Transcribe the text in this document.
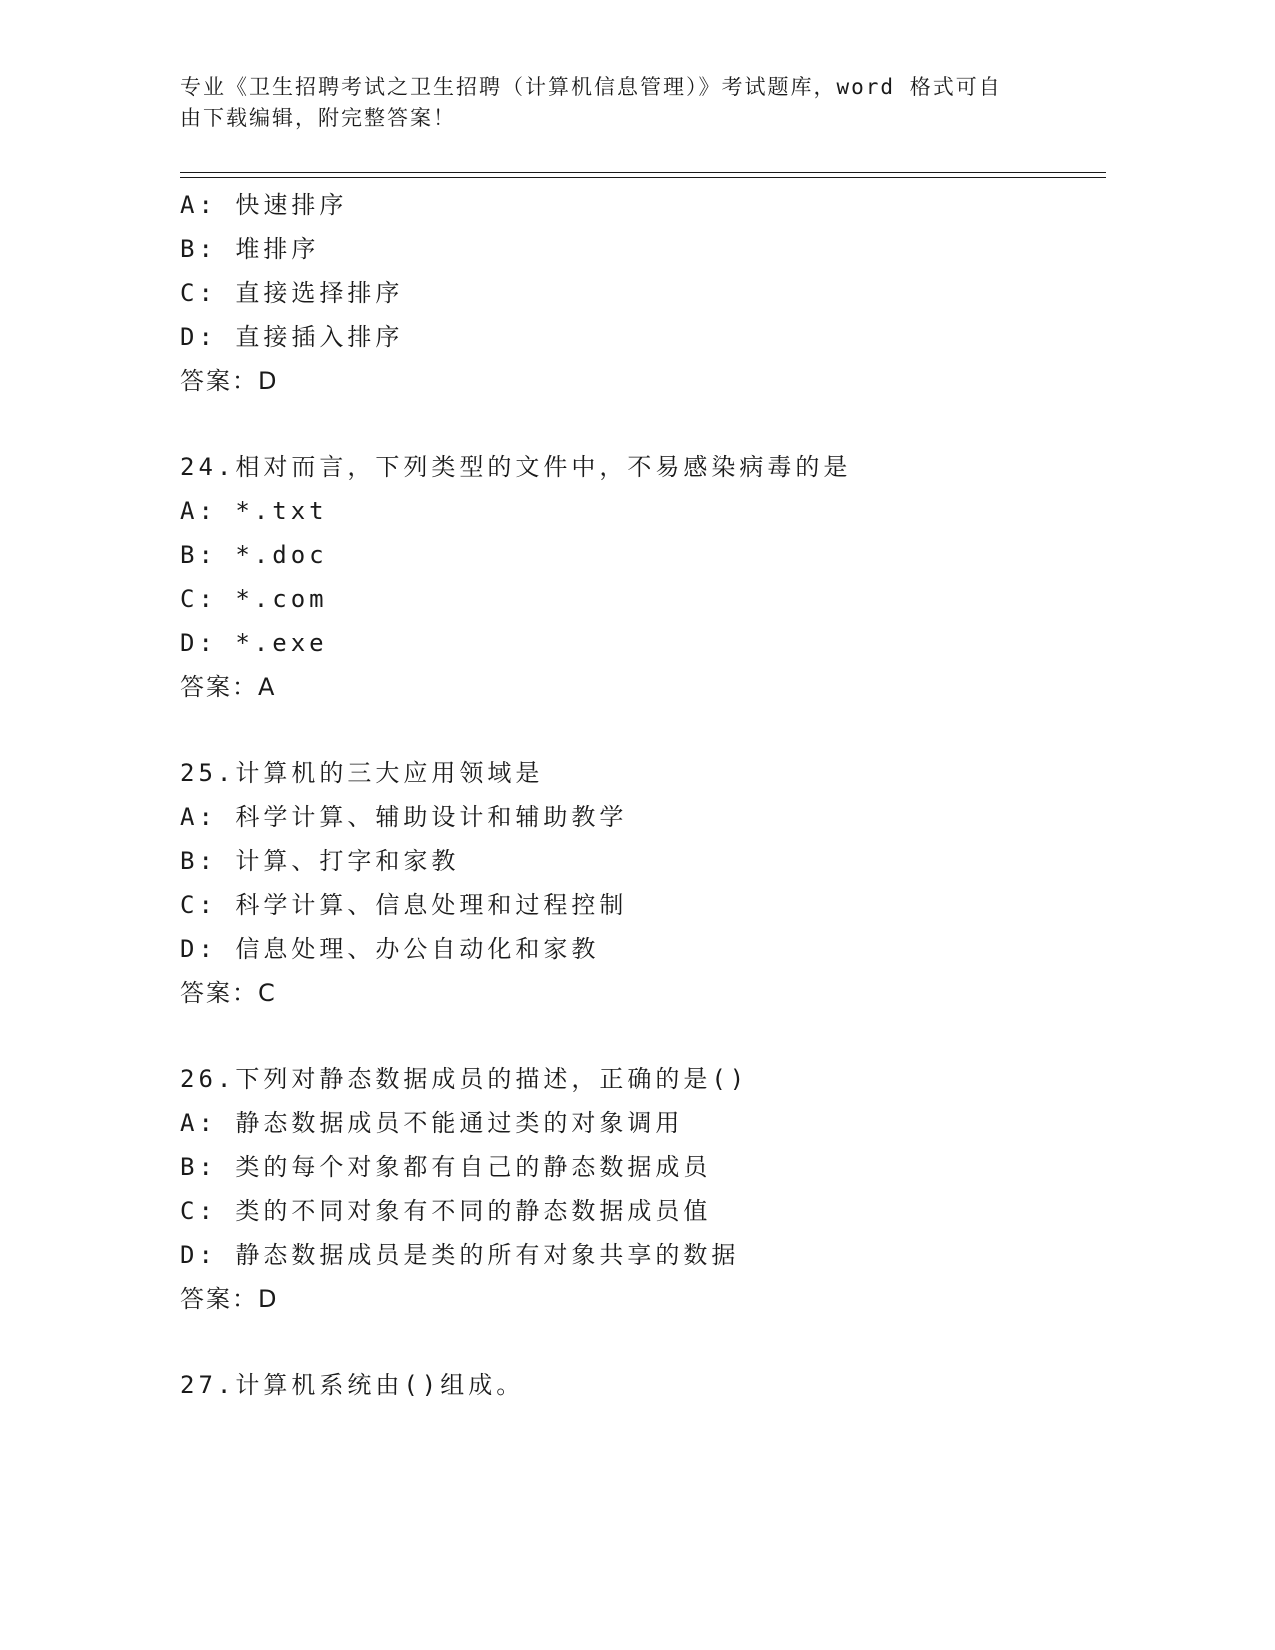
专业《卫生招聘考试之卫生招聘（计算机信息管理）》考试题库，word 格式可自
由下载编辑，附完整答案！
A: 快速排序
B: 堆排序
C: 直接选择排序
D: 直接插入排序
答案：D
24.相对而言，下列类型的文件中，不易感染病毒的是
A: *.txt
B: *.doc
C: *.com
D: *.exe
答案：A
25.计算机的三大应用领域是
A: 科学计算、辅助设计和辅助教学
B: 计算、打字和家教
C: 科学计算、信息处理和过程控制
D: 信息处理、办公自动化和家教
答案：C
26.下列对静态数据成员的描述，正确的是()
A: 静态数据成员不能通过类的对象调用
B: 类的每个对象都有自己的静态数据成员
C: 类的不同对象有不同的静态数据成员值
D: 静态数据成员是类的所有对象共享的数据
答案：D
27.计算机系统由()组成。
